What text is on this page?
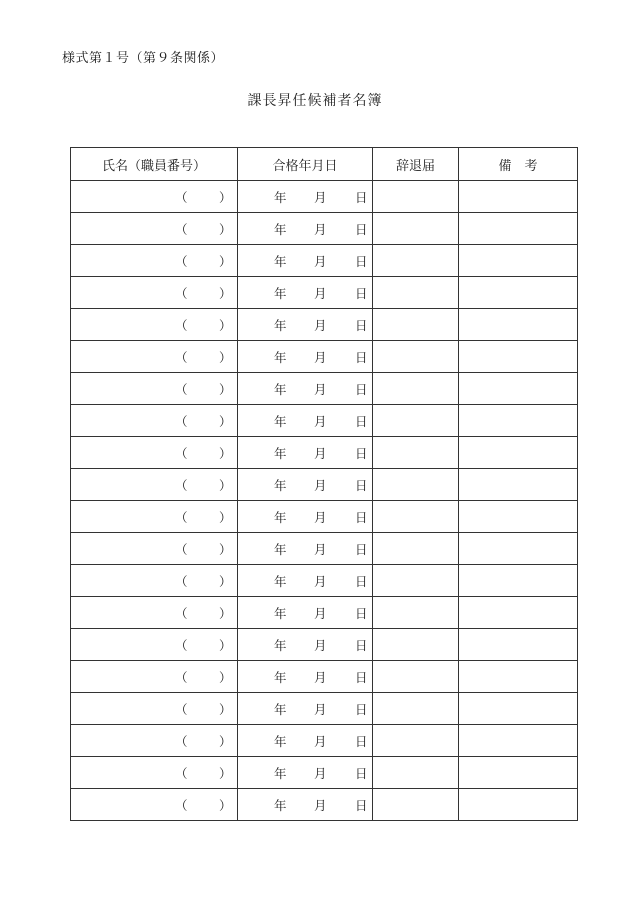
様式第１号（第９条関係）
課長昇任候補者名簿
氏名（職員番号）	合格年月日	辞退届	備　考

（ ）	年 月 日		

（ ）	年 月 日		

（ ）	年 月 日		

（ ）	年 月 日		

（ ）	年 月 日		

（ ）	年 月 日		

（ ）	年 月 日		

（ ）	年 月 日		

（ ）	年 月 日		

（ ）	年 月 日		

（ ）	年 月 日		

（ ）	年 月 日		

（ ）	年 月 日		

（ ）	年 月 日		

（ ）	年 月 日		

（ ）	年 月 日		

（ ）	年 月 日		

（ ）	年 月 日		

（ ）	年 月 日		

（ ）	年 月 日		
